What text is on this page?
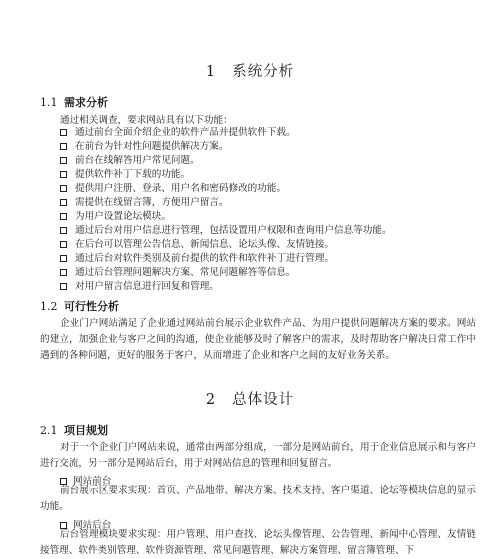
1 系统分析
1.1 需求分析
通过相关调查，要求网站具有以下功能：
通过前台全面介绍企业的软件产品并提供软件下载。
在前台为针对性问题提供解决方案。
前台在线解答用户常见问题。
提供软件补丁下载的功能。
提供用户注册、登录、用户名和密码修改的功能。
需提供在线留言簿，方便用户留言。
为用户设置论坛模块。
通过后台对用户信息进行管理，包括设置用户权限和查询用户信息等功能。
在后台可以管理公告信息、新闻信息、论坛头像、友情链接。
通过后台对软件类别及前台提供的软件和软件补丁进行管理。
通过后台管理问题解决方案、常见问题解答等信息。
对用户留言信息进行回复和管理。
1.2 可行性分析
企业门户网站满足了企业通过网站前台展示企业软件产品、为用户提供问题解决方案的要求。网站的建立，加强企业与客户之间的沟通，使企业能够及时了解客户的需求，及时帮助客户解决日常工作中遇到的各种问题，更好的服务于客户，从而增进了企业和客户之间的友好业务关系。
2 总体设计
2.1 项目规划
对于一个企业门户网站来说，通常由两部分组成，一部分是网站前台，用于企业信息展示和与客户进行交流，另一部分是网站后台，用于对网站信息的管理和回复留言。
网站前台
前台展示区要求实现：首页、产品地带、解决方案、技术支持、客户渠道、论坛等模块信息的显示功能。
网站后台
后台管理模块要求实现：用户管理、用户查找、论坛头像管理、公告管理、新闻中心管理、友情链接管理、软件类别管理、软件资源管理、常见问题管理、解决方案管理、留言簿管理、下
